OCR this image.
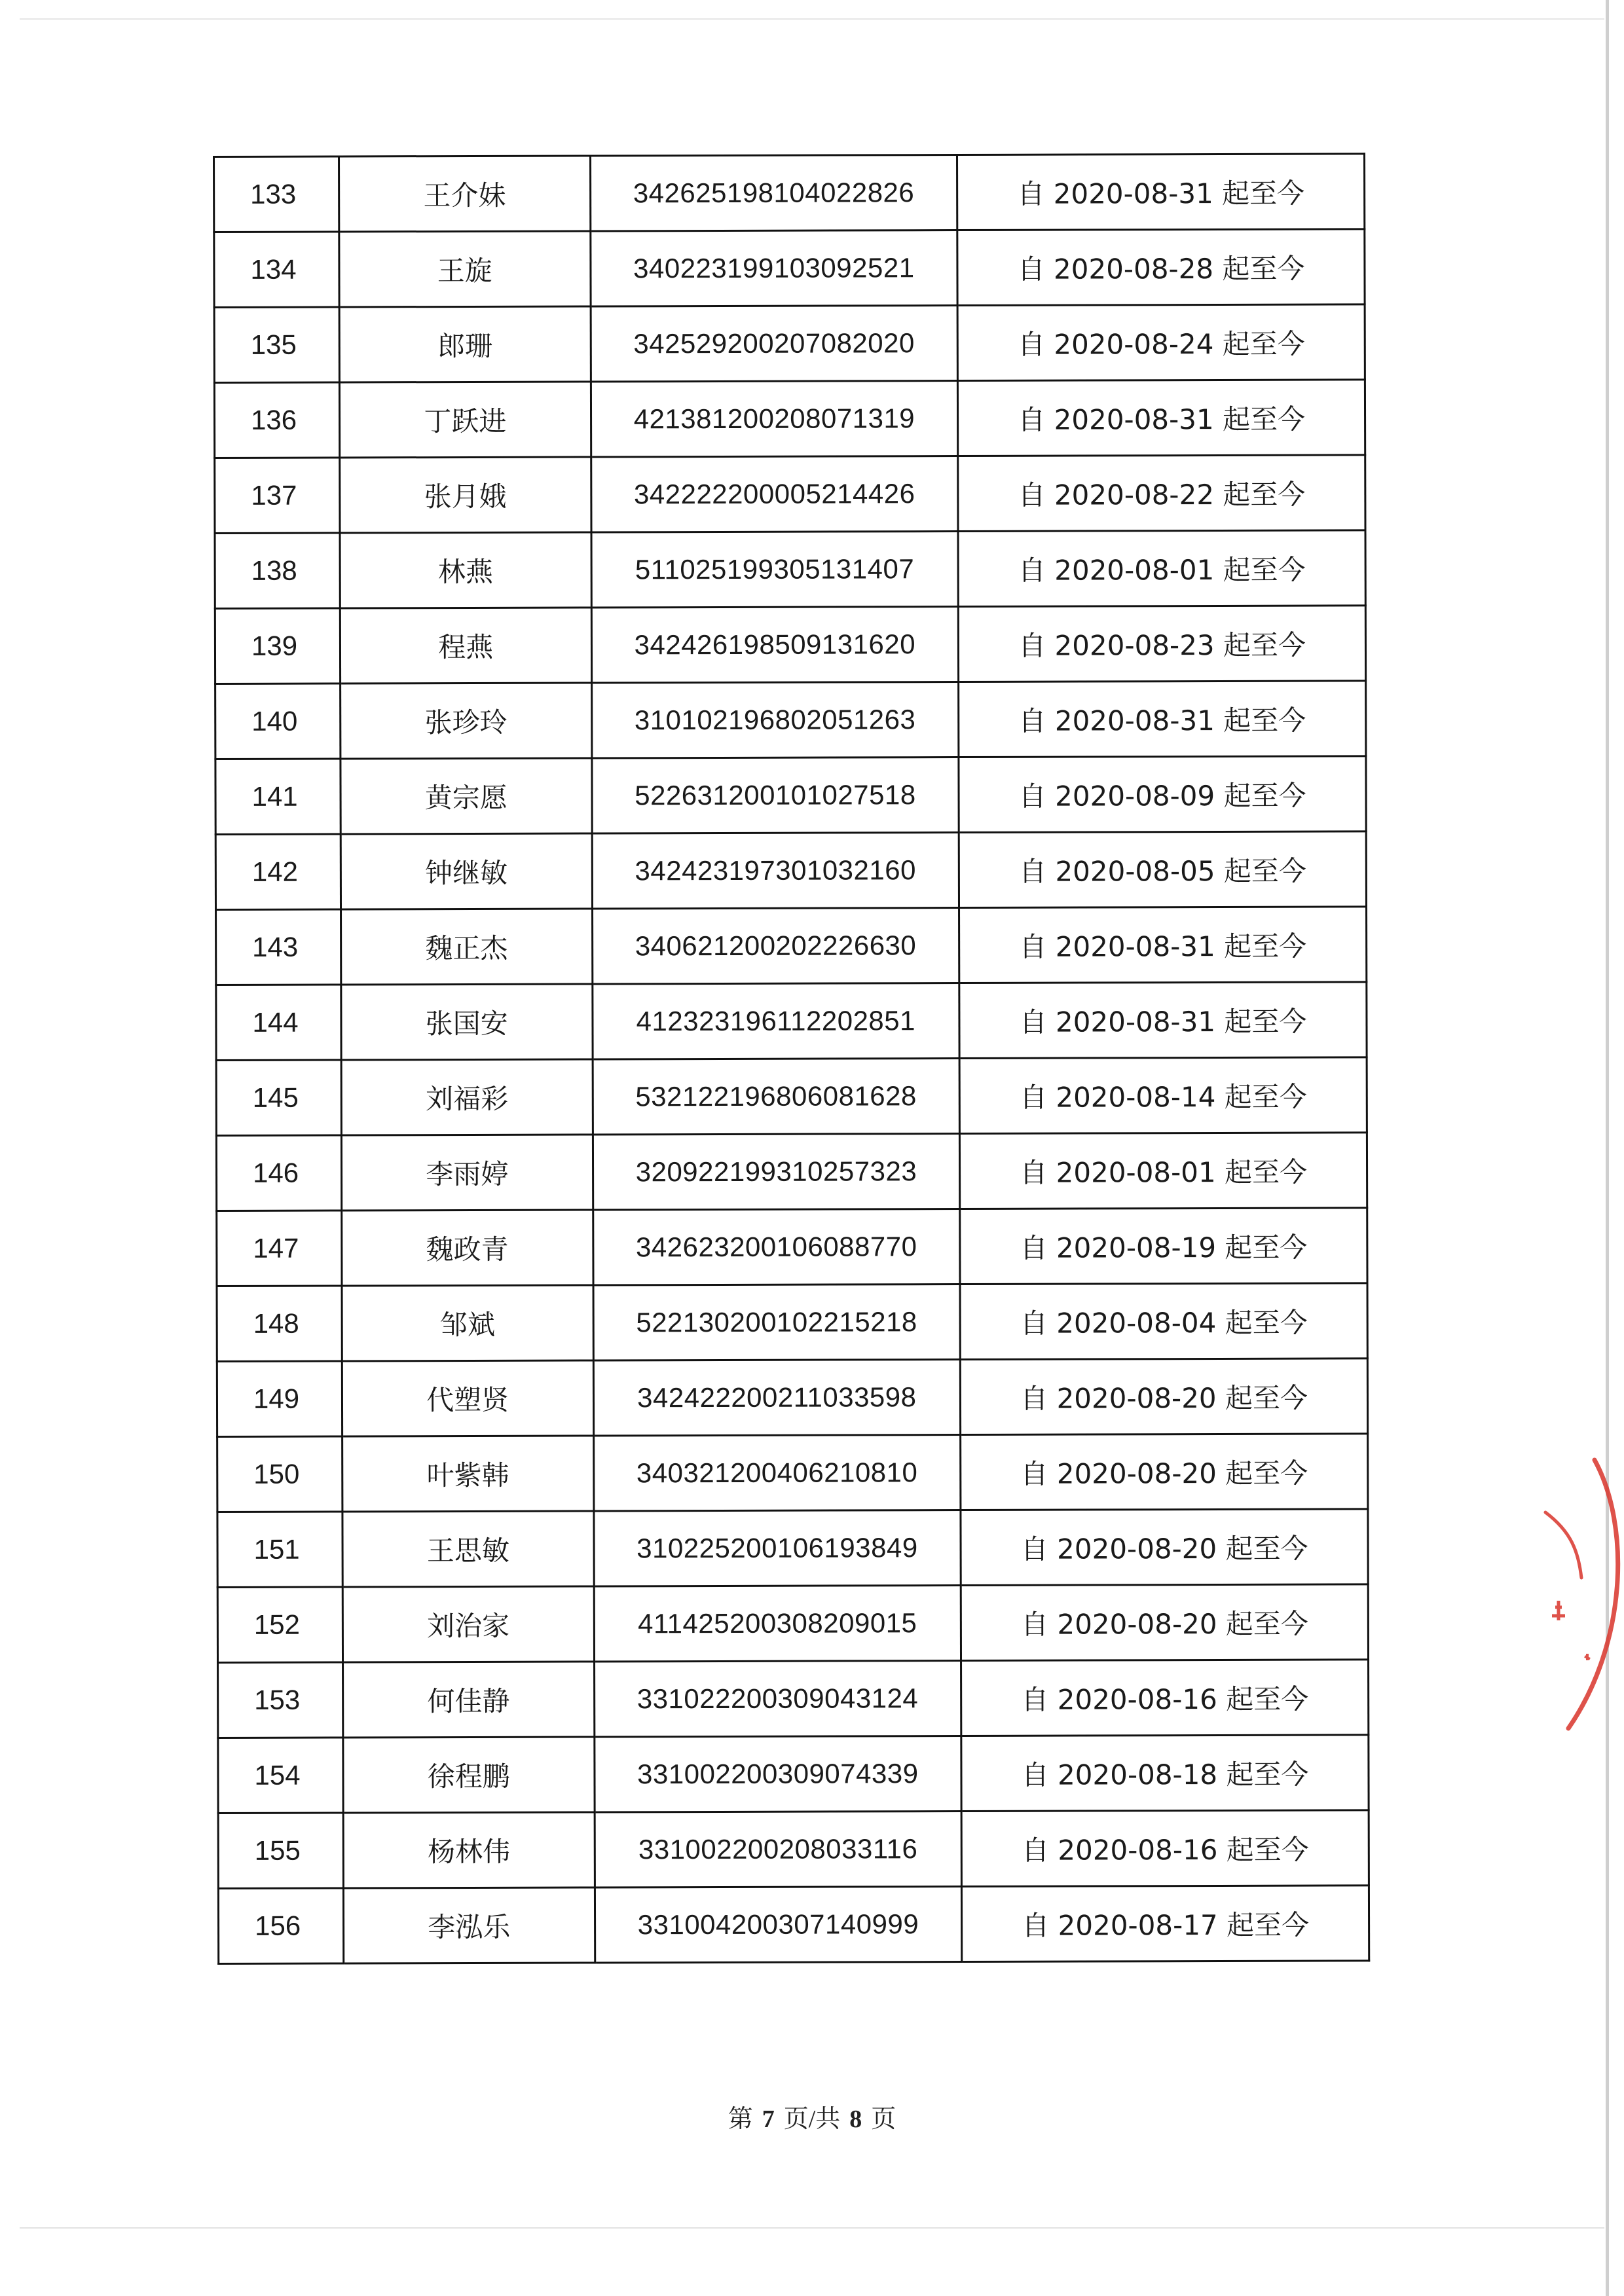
133	王介妹	342625198104022826	自 2020-08-31 起至今
134	王旋	340223199103092521	自 2020-08-28 起至今
135	郎珊	342529200207082020	自 2020-08-24 起至今
136	丁跃进	421381200208071319	自 2020-08-31 起至今
137	张月娥	342222200005214426	自 2020-08-22 起至今
138	林燕	511025199305131407	自 2020-08-01 起至今
139	程燕	342426198509131620	自 2020-08-23 起至今
140	张珍玲	310102196802051263	自 2020-08-31 起至今
141	黄宗愿	522631200101027518	自 2020-08-09 起至今
142	钟继敏	342423197301032160	自 2020-08-05 起至今
143	魏正杰	340621200202226630	自 2020-08-31 起至今
144	张国安	412323196112202851	自 2020-08-31 起至今
145	刘福彩	532122196806081628	自 2020-08-14 起至今
146	李雨婷	320922199310257323	自 2020-08-01 起至今
147	魏政青	342623200106088770	自 2020-08-19 起至今
148	邹斌	522130200102215218	自 2020-08-04 起至今
149	代塑贤	342422200211033598	自 2020-08-20 起至今
150	叶紫韩	340321200406210810	自 2020-08-20 起至今
151	王思敏	310225200106193849	自 2020-08-20 起至今
152	刘治家	411425200308209015	自 2020-08-20 起至今
153	何佳静	331022200309043124	自 2020-08-16 起至今
154	徐程鹏	331002200309074339	自 2020-08-18 起至今
155	杨林伟	331002200208033116	自 2020-08-16 起至今
156	李泓乐	331004200307140999	自 2020-08-17 起至今
第 7 页/共 8 页
